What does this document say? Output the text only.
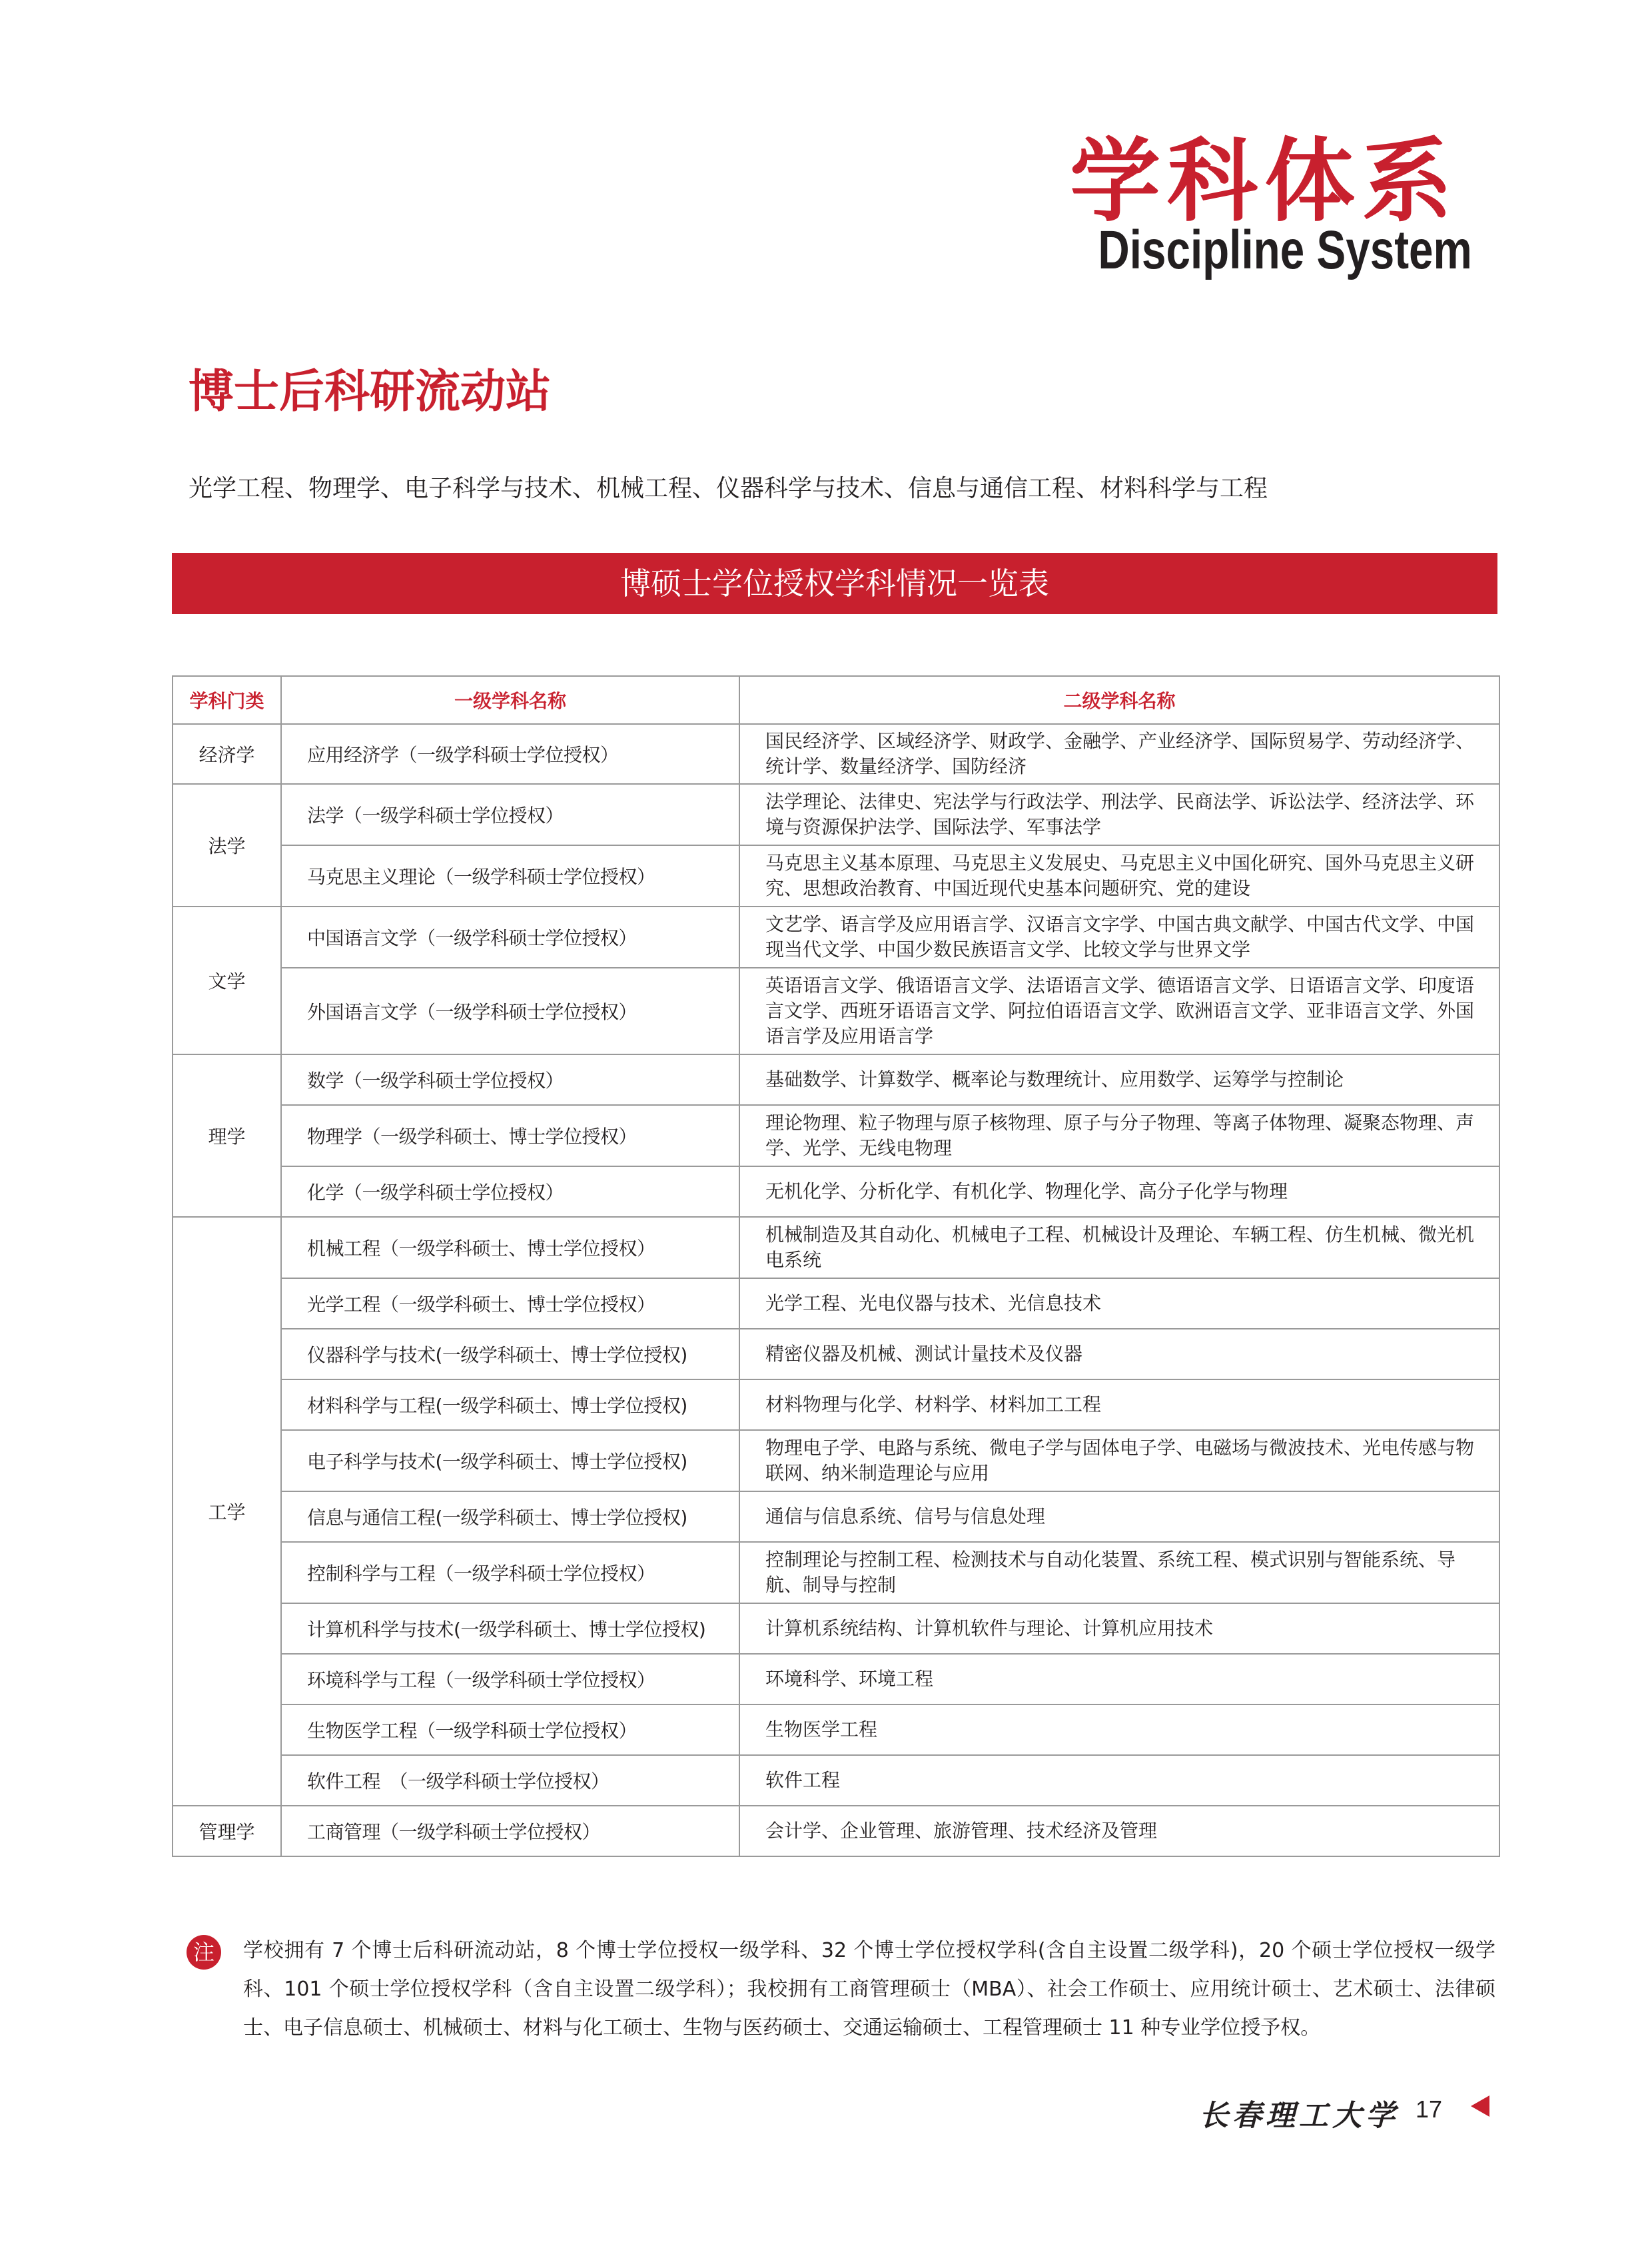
学科体系
Discipline System
博士后科研流动站
光学工程、物理学、电子科学与技术、机械工程、仪器科学与技术、信息与通信工程、材料科学与工程
博硕士学位授权学科情况一览表
学科门类	一级学科名称	二级学科名称
经济学	应用经济学（一级学科硕士学位授权）	国民经济学、区域经济学、财政学、金融学、产业经济学、国际贸易学、劳动经济学、统计学、数量经济学、国防经济
法学	法学（一级学科硕士学位授权）	法学理论、法律史、宪法学与行政法学、刑法学、民商法学、诉讼法学、经济法学、环境与资源保护法学、国际法学、军事法学
	马克思主义理论（一级学科硕士学位授权）	马克思主义基本原理、马克思主义发展史、马克思主义中国化研究、国外马克思主义研究、思想政治教育、中国近现代史基本问题研究、党的建设
文学	中国语言文学（一级学科硕士学位授权）	文艺学、语言学及应用语言学、汉语言文字学、中国古典文献学、中国古代文学、中国现当代文学、中国少数民族语言文学、比较文学与世界文学
	外国语言文学（一级学科硕士学位授权）	英语语言文学、俄语语言文学、法语语言文学、德语语言文学、日语语言文学、印度语言文学、西班牙语语言文学、阿拉伯语语言文学、欧洲语言文学、亚非语言文学、外国语言学及应用语言学
理学	数学（一级学科硕士学位授权）	基础数学、计算数学、概率论与数理统计、应用数学、运筹学与控制论
	物理学（一级学科硕士、博士学位授权）	理论物理、粒子物理与原子核物理、原子与分子物理、等离子体物理、凝聚态物理、声学、光学、无线电物理
	化学（一级学科硕士学位授权）	无机化学、分析化学、有机化学、物理化学、高分子化学与物理
工学	机械工程（一级学科硕士、博士学位授权）	机械制造及其自动化、机械电子工程、机械设计及理论、车辆工程、仿生机械、微光机电系统
	光学工程（一级学科硕士、博士学位授权）	光学工程、光电仪器与技术、光信息技术
	仪器科学与技术(一级学科硕士、博士学位授权)	精密仪器及机械、测试计量技术及仪器
	材料科学与工程(一级学科硕士、博士学位授权)	材料物理与化学、材料学、材料加工工程
	电子科学与技术(一级学科硕士、博士学位授权)	物理电子学、电路与系统、微电子学与固体电子学、电磁场与微波技术、光电传感与物联网、纳米制造理论与应用
	信息与通信工程(一级学科硕士、博士学位授权)	通信与信息系统、信号与信息处理
	控制科学与工程（一级学科硕士学位授权）	控制理论与控制工程、检测技术与自动化装置、系统工程、模式识别与智能系统、导航、制导与控制
	计算机科学与技术(一级学科硕士、博士学位授权)	计算机系统结构、计算机软件与理论、计算机应用技术
	环境科学与工程（一级学科硕士学位授权）	环境科学、环境工程
	生物医学工程（一级学科硕士学位授权）	生物医学工程
	软件工程　（一级学科硕士学位授权）	软件工程
管理学	工商管理（一级学科硕士学位授权）	会计学、企业管理、旅游管理、技术经济及管理
注	学校拥有 7 个博士后科研流动站，8 个博士学位授权一级学科、32 个博士学位授权学科(含自主设置二级学科)，20 个硕士学位授权一级学科、101 个硕士学位授权学科（含自主设置二级学科）；我校拥有工商管理硕士（MBA）、社会工作硕士、应用统计硕士、艺术硕士、法律硕士、电子信息硕士、机械硕士、材料与化工硕士、生物与医药硕士、交通运输硕士、工程管理硕士 11 种专业学位授予权。
长春理工大学 17
